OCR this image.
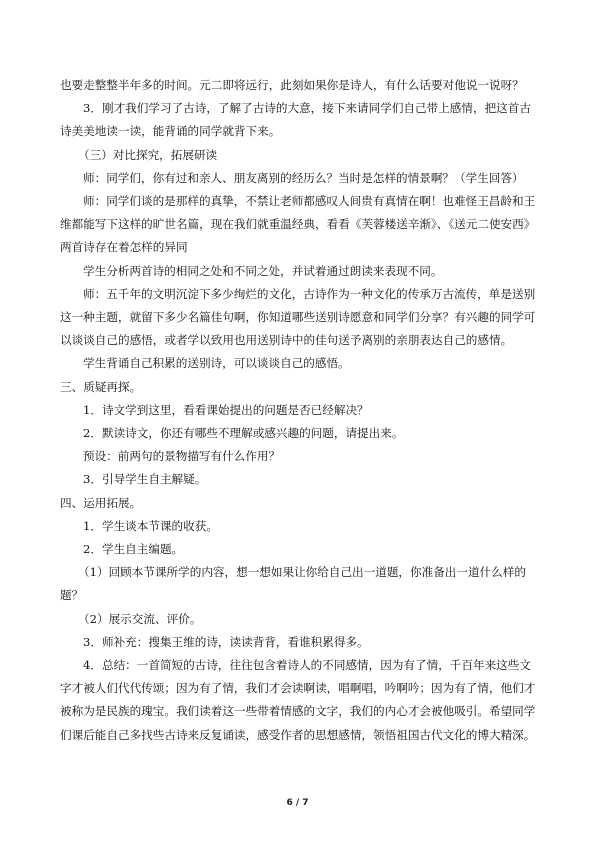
也要走整整半年多的时间。元二即将远行，此刻如果你是诗人，有什么话要对他说一说呀？

3．刚才我们学习了古诗，了解了古诗的大意，接下来请同学们自己带上感情，把这首古诗美美地读一读，能背诵的同学就背下来。

（三）对比探究，拓展研读

师：同学们，你有过和亲人、朋友离别的经历么？当时是怎样的情景啊？（学生回答）

师：同学们谈的是那样的真挚，不禁让老师都感叹人间贵有真情在啊！也难怪王昌龄和王维都能写下这样的旷世名篇，现在我们就重温经典，看看《芙蓉楼送辛渐》、《送元二使安西》两首诗存在着怎样的异同

学生分析两首诗的相同之处和不同之处，并试着通过朗读来表现不同。

师：五千年的文明沉淀下多少绚烂的文化，古诗作为一种文化的传承万古流传，单是送别这一种主题，就留下多少名篇佳句啊，你知道哪些送别诗愿意和同学们分享？有兴趣的同学可以谈谈自己的感悟，或者学以致用也用送别诗中的佳句送予离别的亲朋表达自己的感情。

学生背诵自己积累的送别诗，可以谈谈自己的感悟。

三、质疑再探。

1．诗文学到这里，看看课始提出的问题是否已经解决？

2．默读诗文，你还有哪些不理解或感兴趣的问题，请提出来。

预设：前两句的景物描写有什么作用？

3．引导学生自主解疑。

四、运用拓展。

1．学生谈本节课的收获。

2．学生自主编题。

（1）回顾本节课所学的内容，想一想如果让你给自己出一道题，你准备出一道什么样的题？

（2）展示交流、评价。

3．师补充：搜集王维的诗，读读背背，看谁积累得多。

4．总结：一首简短的古诗，往往包含着诗人的不同感情，因为有了情，千百年来这些文字才被人们代代传颂；因为有了情，我们才会读啊读，唱啊唱，吟啊吟；因为有了情，他们才被称为是民族的瑰宝。我们读着这一些带着情感的文字，我们的内心才会被他吸引。希望同学们课后能自己多找些古诗来反复诵读，感受作者的思想感情，领悟祖国古代文化的博大精深。

6 / 7
